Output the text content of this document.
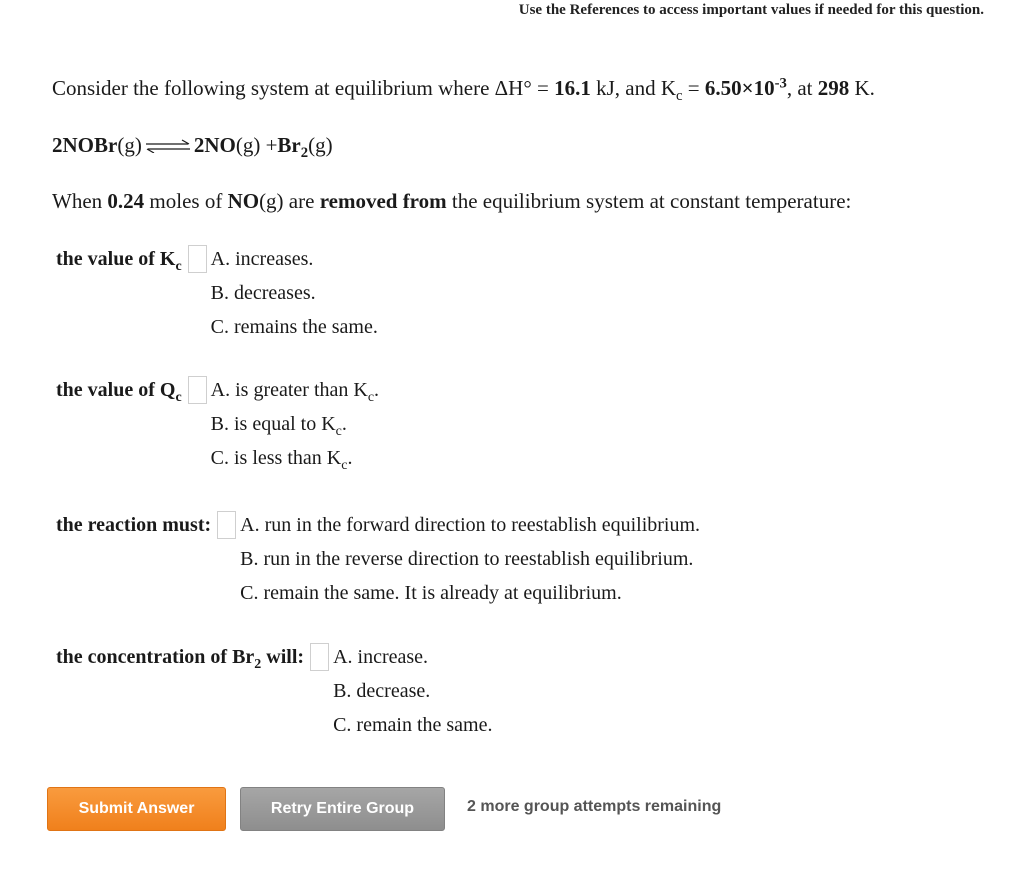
Use the References to access important values if needed for this question.
Consider the following system at equilibrium where ΔH° = 16.1 kJ, and $K_c = 6.50\times 10^{-3}$, at 298 K.
2NOBr (g) ⇌ 2NO $(g) + Br_2$ (g)
When 0.24 moles of NO(g) are removed from the equilibrium system at constant temperature:
the value of $K_c$ A. increases.
B. decreases.
C. remains the same.
the value of $Q_c$ A. is greater than $K_c$.
B. is equal to $K_c$.
C. is less than $K_c$.
the reaction must: A. run in the forward direction to reestablish equilibrium.
B. run in the reverse direction to reestablish equilibrium.
C. remain the same. It is already at equilibrium.
the concentration of $Br_2$ will: A. increase.
B. decrease.
C. remain the same.
Submit Answer	Retry Entire Group	2 more group attempts remaining
